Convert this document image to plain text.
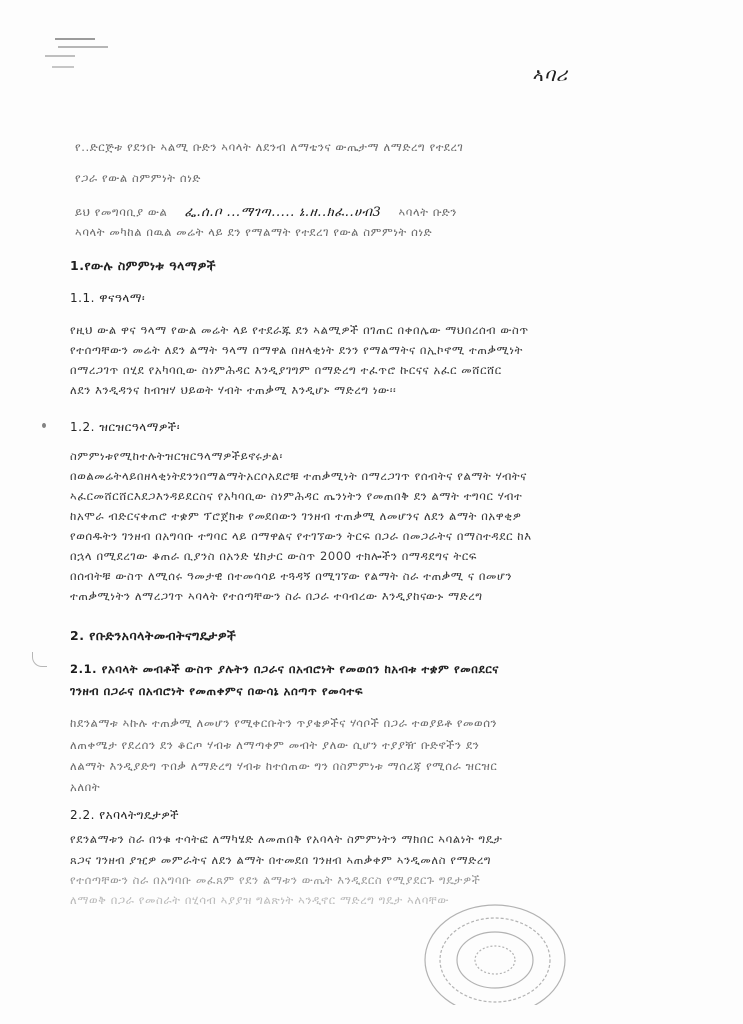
ኣባሪ
የ..ድርጅቱ የደንቡ ኣልሚ ቡድን ኣባላት ለደንብ ለማቴንና ውጤታማ ለማድረግ የተደረገ
የጋራ የውል ስምምነት ሰነድ
ይህ የመግባቢያ ውል ፌ.ሰ.ቦ ...ማገጣ..... ኔ.ዘ..ክፈ..ሀብ3 ኣባላት ቡድን
ኣባላት መካከል በዉል መሬት ላይ ደን የማልማት የተደረገ የውል ስምምነት ሰነድ
1.የውሉ ስምምነቱ ዓላማዎች
1.1. ዋናዓላማ፡
የዚህ ውል ዋና ዓላማ የውል መሬት ላይ የተደራጁ ደን ኣልሚዎች በገጠር በቀበሌው ማህበረሰብ ውስጥ
የተሰጣቸውን መሬት ለደን ልማት ዓላማ በማዋል በዘላቂነት ደንን የማልማትና በኢኮኖሚ ተጠቃሚነት
በማረጋገጥ በሂደ የአካባቢው ስነምሕዳር እንዲያገግም በማድረግ ተፈጥሮ ኩርናና አፈር መሸርሸር
ለደን እንዲዳንና ከብዝሃ ህይወት ሃብት ተጠቃሚ እንዲሆኑ ማድረግ ነው፡፡
1.2. ዝርዝርዓላማዎች፡
ስምምነቱየሚከተሉትዝርዝርዓላማዎችይኖሩታል፡
በወልመሬትላይበዘላቂነትደንንበማልማትአርሶአደሮቹ ተጠቃሚነት በማረጋገጥ የሰብትና የልማት ሃብትና
ኣፈርመሸርሸርእደጋእንዳይደርስና የአካባቢው ስነምሕዳር ጤንነትን የመጠበቅ ደን ልማት ተግባር ሃብተ
ከአሞራ ብድርናቀጠሮ ተቋም ፕሮጀክቱ የመደበውን ገንዘብ ተጠቃሚ ለመሆንና ለደን ልማት በአዋቂዎ
የወሰዱትን ገንዘብ በአግባቡ ተግባር ላይ በማዋልና የተገኘውን ትርፍ በጋራ በመጋራትና በማስተዳደር ከእ
በኋላ በሚደረገው ቆጠራ ቢያንስ በአንድ ሄክታር ውስጥ 2000 ተክሎችን በማዳደግና ትርፍ
በሰብትቹ ውስጥ ለሚሰሩ ዓመታዊ በተመሳሳይ ተጓዳኝ በሚገኘው የልማት ስራ ተጠቃሚ ና በመሆን
ተጠቃሚነትን ለማረጋገጥ ኣባላት የተሰጣቸውን ስራ በጋራ ተባብረው እንዲያከናውኑ ማድረግ
2. የቡድንአባላትመብትናግዴታዎች
2.1. የአባላት መብቶች ውስጥ ያሉትን በጋራና በአብሮነት የመወሰን ከአብቱ ተቋም የመበደርና
ገንዘብ በጋራና በአብሮነት የመጠቀምና በውሳኔ አሰጣጥ የመሳተፍ
ከደንልማቱ ኣኩሉ ተጠቃሚ ለመሆን የሚቀርቡትን ጥያቄዎችና ሃሳቦች በጋራ ተወያይቶ የመወሰን
ለጠቀሜታ የደረሰን ደን ቆርጦ ሃብቱ ለማጣቀም መብት ያለው ሲሆን ተያያዥ ቡድኖችን ደን
ለልማት እንዲያድግ ጥበቃ ለማድረግ ሃብቱ ከተሰጠው ግን በስምምነቱ ማሰረጃ የሚሰራ ዝርዝር
አለበት
2.2. የአባላትግዴታዎች
የደንልማቱን ስራ በንቁ ተሳትፎ ለማካሄድ ለመጠበቅ የአባላት ስምምነትን ማክበር ኣባልነት ግዴታ
ጸጋና ገንዘብ ያዢዎ መምራትና ለደን ልማት በተመደበ ገንዘብ ኣጠቃቀም ኣንዲመለስ የማድረግ
የተሰጣቸውን ስራ በአግባቡ መፈጸም የደን ልማቱን ውጤት እንዲደርስ የሚያደርጉ ግዴታዎች
ለማወቅ በጋራ የመስራት በሂሳብ ኣያያዝ ግልጽነት ኣንዲኖር ማድረግ ግዴታ ኣለባቸው
